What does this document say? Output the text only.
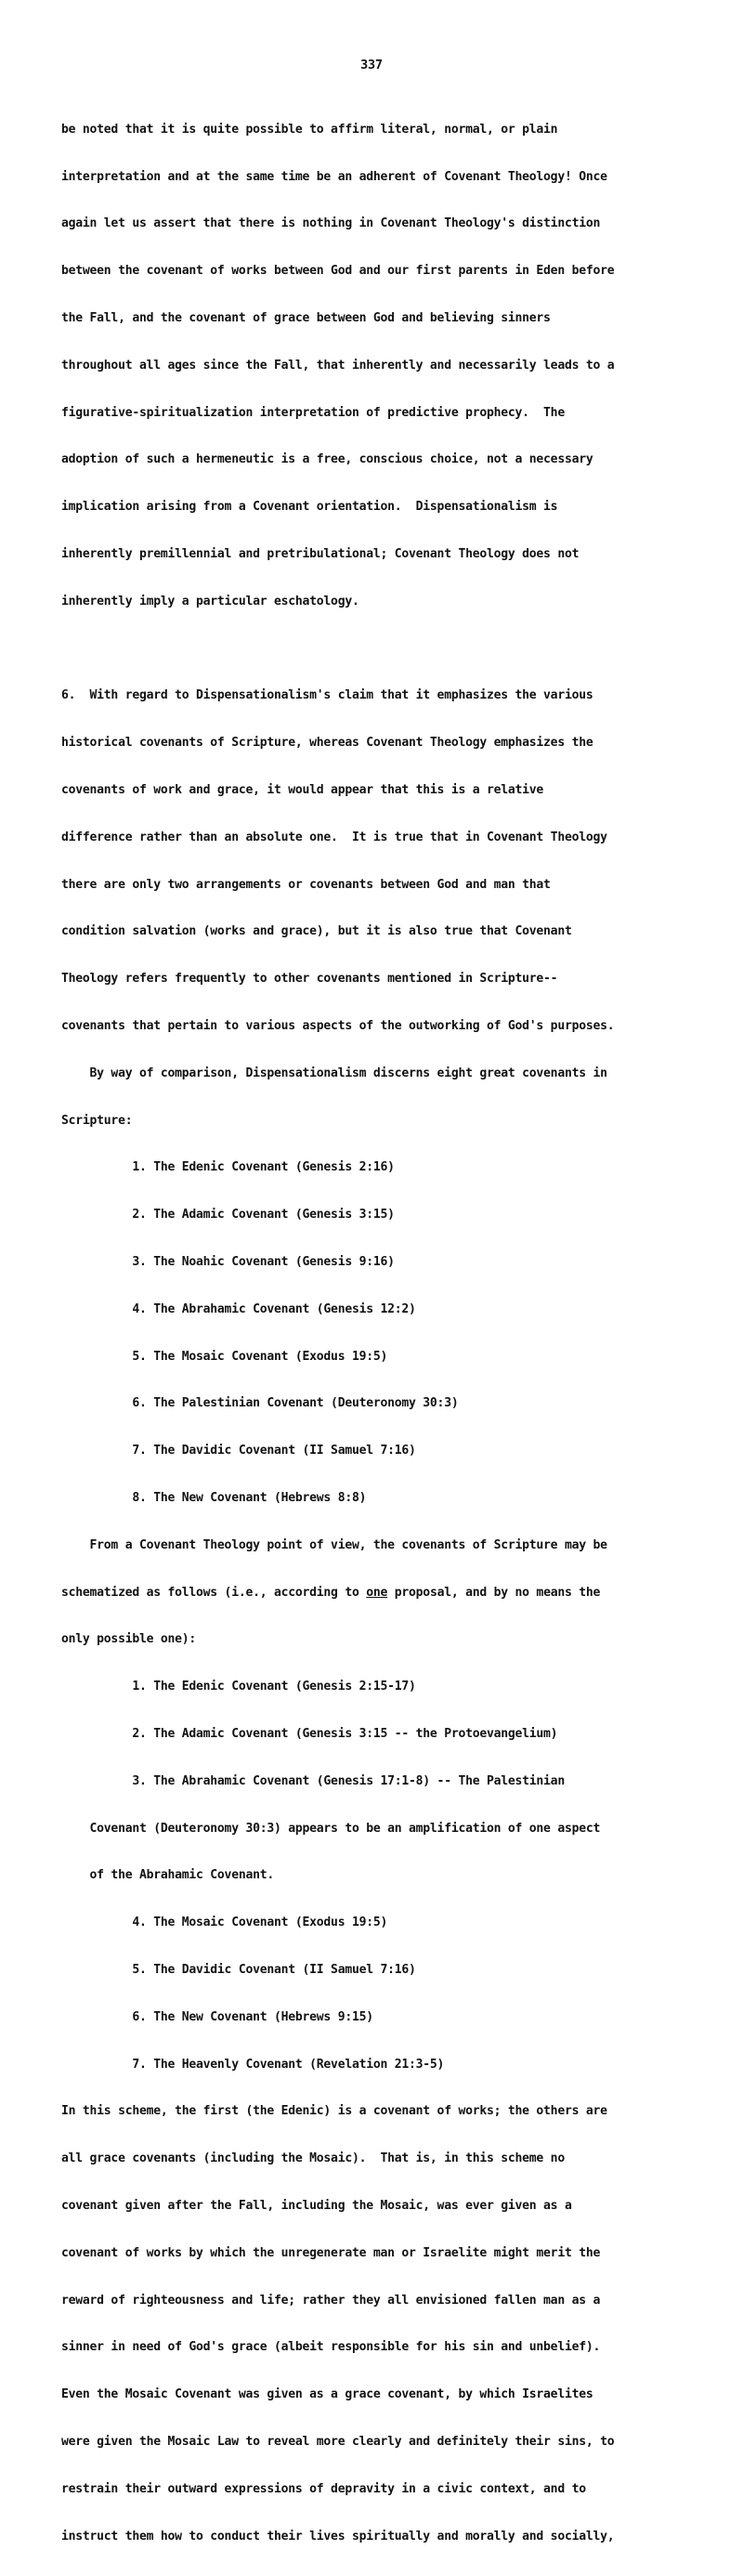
337

be noted that it is quite possible to affirm literal, normal, or plain

interpretation and at the same time be an adherent of Covenant Theology! Once

again let us assert that there is nothing in Covenant Theology's distinction

between the covenant of works between God and our first parents in Eden before

the Fall, and the covenant of grace between God and believing sinners

throughout all ages since the Fall, that inherently and necessarily leads to a

figurative-spiritualization interpretation of predictive prophecy.  The

adoption of such a hermeneutic is a free, conscious choice, not a necessary

implication arising from a Covenant orientation.  Dispensationalism is

inherently premillennial and pretribulational; Covenant Theology does not

inherently imply a particular eschatology.

6.  With regard to Dispensationalism's claim that it emphasizes the various

historical covenants of Scripture, whereas Covenant Theology emphasizes the

covenants of work and grace, it would appear that this is a relative

difference rather than an absolute one.  It is true that in Covenant Theology

there are only two arrangements or covenants between God and man that

condition salvation (works and grace), but it is also true that Covenant

Theology refers frequently to other covenants mentioned in Scripture--

covenants that pertain to various aspects of the outworking of God's purposes.

By way of comparison, Dispensationalism discerns eight great covenants in

Scripture:

1. The Edenic Covenant (Genesis 2:16)

2. The Adamic Covenant (Genesis 3:15)

3. The Noahic Covenant (Genesis 9:16)

4. The Abrahamic Covenant (Genesis 12:2)

5. The Mosaic Covenant (Exodus 19:5)

6. The Palestinian Covenant (Deuteronomy 30:3)

7. The Davidic Covenant (II Samuel 7:16)

8. The New Covenant (Hebrews 8:8)

From a Covenant Theology point of view, the covenants of Scripture may be

schematized as follows (i.e., according to one proposal, and by no means the

only possible one):

1. The Edenic Covenant (Genesis 2:15-17)

2. The Adamic Covenant (Genesis 3:15 -- the Protoevangelium)

3. The Abrahamic Covenant (Genesis 17:1-8) -- The Palestinian

Covenant (Deuteronomy 30:3) appears to be an amplification of one aspect

of the Abrahamic Covenant.

4. The Mosaic Covenant (Exodus 19:5)

5. The Davidic Covenant (II Samuel 7:16)

6. The New Covenant (Hebrews 9:15)

7. The Heavenly Covenant (Revelation 21:3-5)

In this scheme, the first (the Edenic) is a covenant of works; the others are

all grace covenants (including the Mosaic).  That is, in this scheme no

covenant given after the Fall, including the Mosaic, was ever given as a

covenant of works by which the unregenerate man or Israelite might merit the

reward of righteousness and life; rather they all envisioned fallen man as a

sinner in need of God's grace (albeit responsible for his sin and unbelief).

Even the Mosaic Covenant was given as a grace covenant, by which Israelites

were given the Mosaic Law to reveal more clearly and definitely their sins, to

restrain their outward expressions of depravity in a civic context, and to

instruct them how to conduct their lives spiritually and morally and socially,
